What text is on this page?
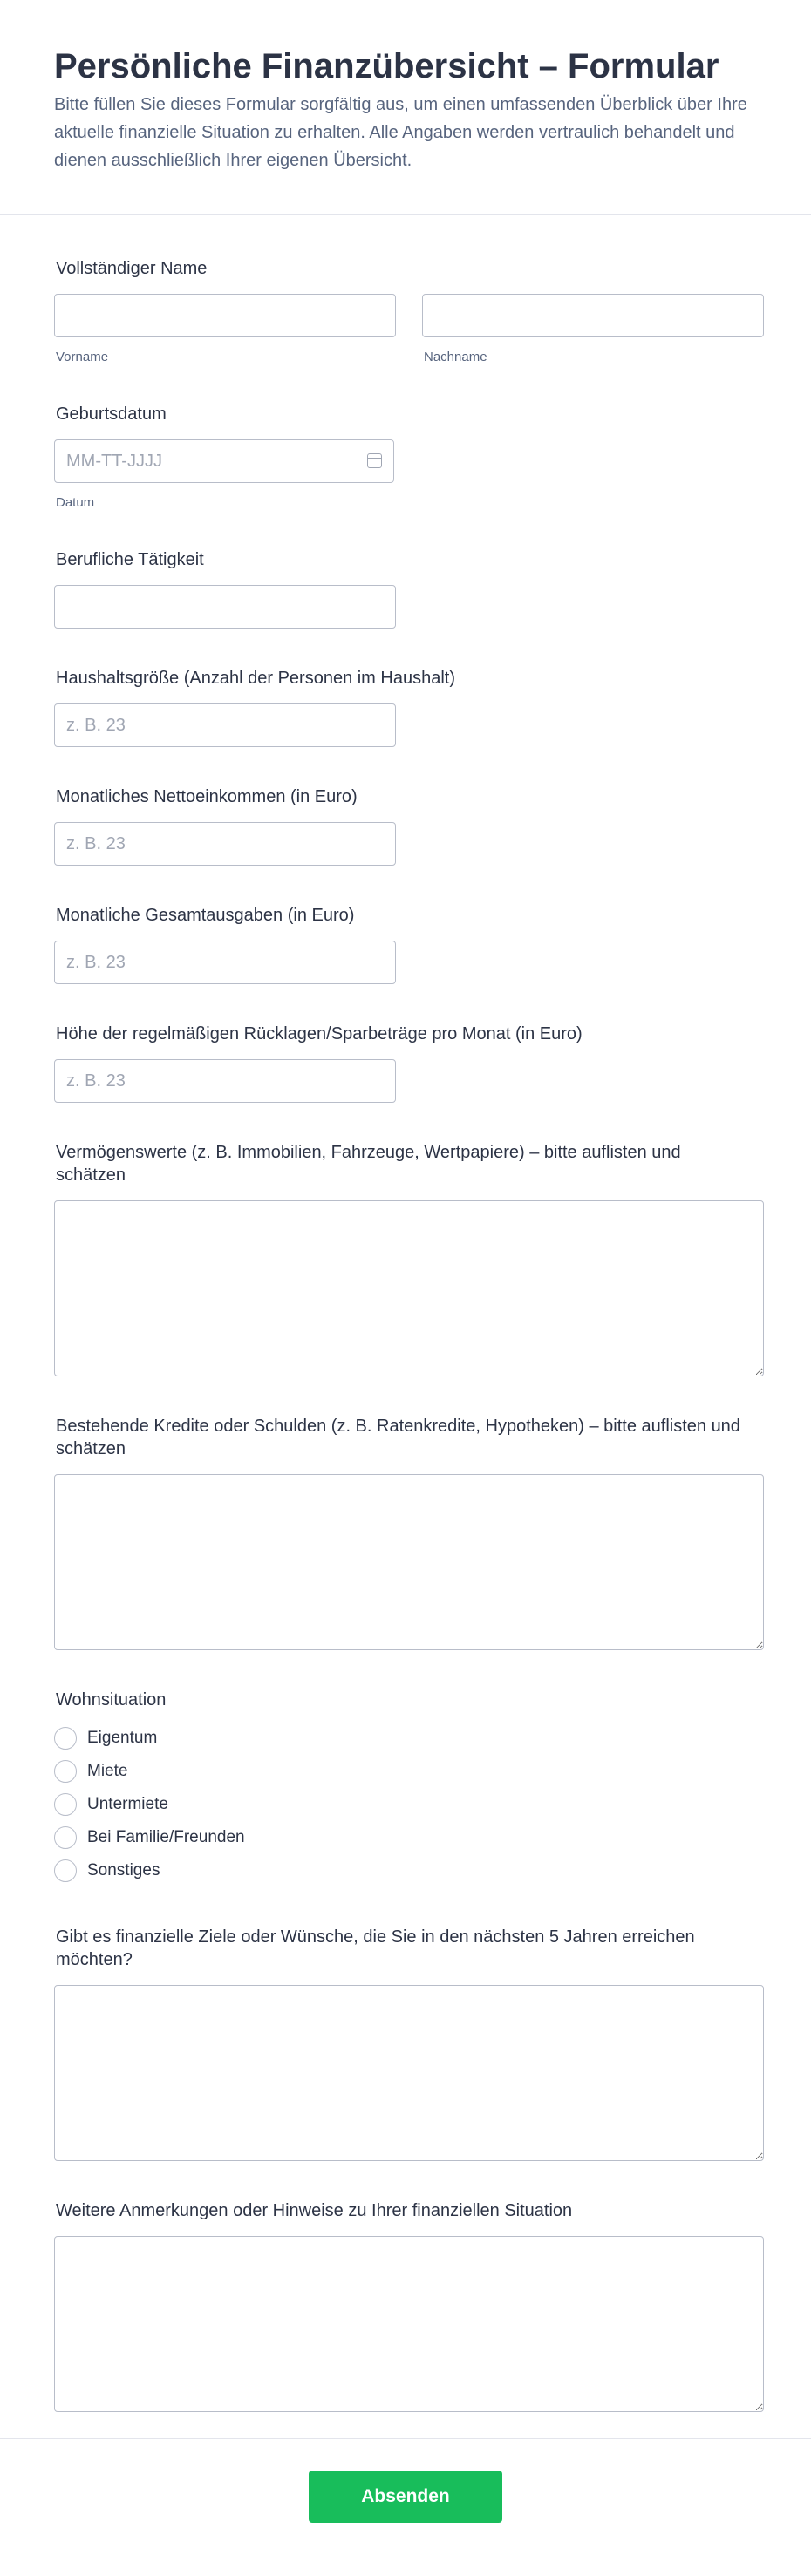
Persönliche Finanzübersicht – Formular

Bitte füllen Sie dieses Formular sorgfältig aus, um einen umfassenden Überblick über Ihre aktuelle finanzielle Situation zu erhalten. Alle Angaben werden vertraulich behandelt und dienen ausschließlich Ihrer eigenen Übersicht.

Vollständiger Name
Vorname	Nachname
Geburtsdatum
MM-TT-JJJJ
Datum
Berufliche Tätigkeit
Haushaltsgröße (Anzahl der Personen im Haushalt)
z. B. 23
Monatliches Nettoeinkommen (in Euro)
z. B. 23
Monatliche Gesamtausgaben (in Euro)
z. B. 23
Höhe der regelmäßigen Rücklagen/Sparbeträge pro Monat (in Euro)
z. B. 23
Vermögenswerte (z. B. Immobilien, Fahrzeuge, Wertpapiere) – bitte auflisten und schätzen
Bestehende Kredite oder Schulden (z. B. Ratenkredite, Hypotheken) – bitte auflisten und schätzen
Wohnsituation
Eigentum
Miete
Untermiete
Bei Familie/Freunden
Sonstiges
Gibt es finanzielle Ziele oder Wünsche, die Sie in den nächsten 5 Jahren erreichen möchten?
Weitere Anmerkungen oder Hinweise zu Ihrer finanziellen Situation
Absenden
